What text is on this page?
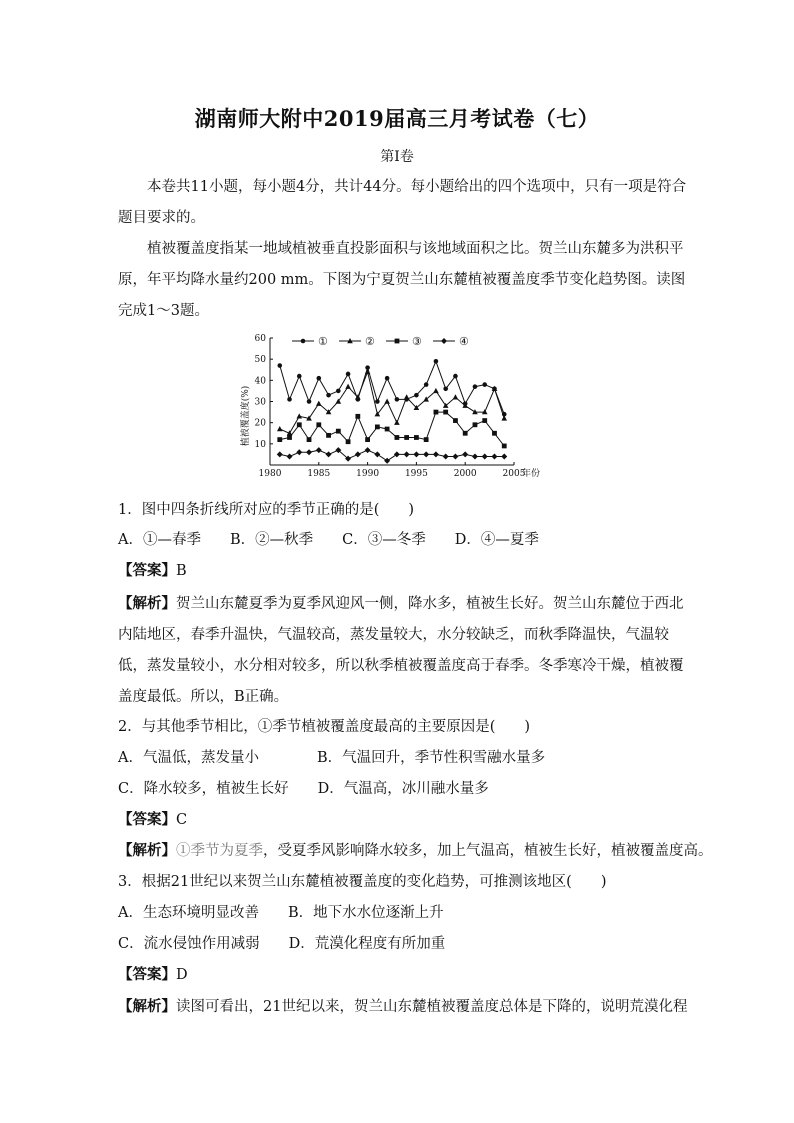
湖南师大附中2019届高三月考试卷（七）
第Ⅰ卷

本卷共11小题，每小题4分，共计44分。每小题给出的四个选项中，只有一项是符合题目要求的。

植被覆盖度指某一地域植被垂直投影面积与该地域面积之比。贺兰山东麓多为洪积平原，年平均降水量约200 mm。下图为宁夏贺兰山东麓植被覆盖度季节变化趋势图。读图完成1～3题。

10
20
30
40
50
60
1980	1985	1990	1995	2000	2005
年份
①	②	③	④
植被覆盖度(%)

1．图中四条折线所对应的季节正确的是(　　)

A．①—春季　　B．②—秋季　　C．③—冬季　　D．④—夏季

【答案】B

【解析】贺兰山东麓夏季为夏季风迎风一侧，降水多，植被生长好。贺兰山东麓位于西北内陆地区，春季升温快，气温较高，蒸发量较大，水分较缺乏，而秋季降温快，气温较低，蒸发量较小，水分相对较多，所以秋季植被覆盖度高于春季。冬季寒冷干燥，植被覆盖度最低。所以，B正确。

2．与其他季节相比，①季节植被覆盖度最高的主要原因是(　　)

A．气温低，蒸发量小　　　　B．气温回升，季节性积雪融水量多

C．降水较多，植被生长好　　D．气温高，冰川融水量多

【答案】C

【解析】①季节为夏季，受夏季风影响降水较多，加上气温高，植被生长好，植被覆盖度高。

3．根据21世纪以来贺兰山东麓植被覆盖度的变化趋势，可推测该地区(　　)

A．生态环境明显改善　　B．地下水水位逐渐上升

C．流水侵蚀作用减弱　　D．荒漠化程度有所加重

【答案】D

【解析】读图可看出，21世纪以来，贺兰山东麓植被覆盖度总体是下降的，说明荒漠化程
